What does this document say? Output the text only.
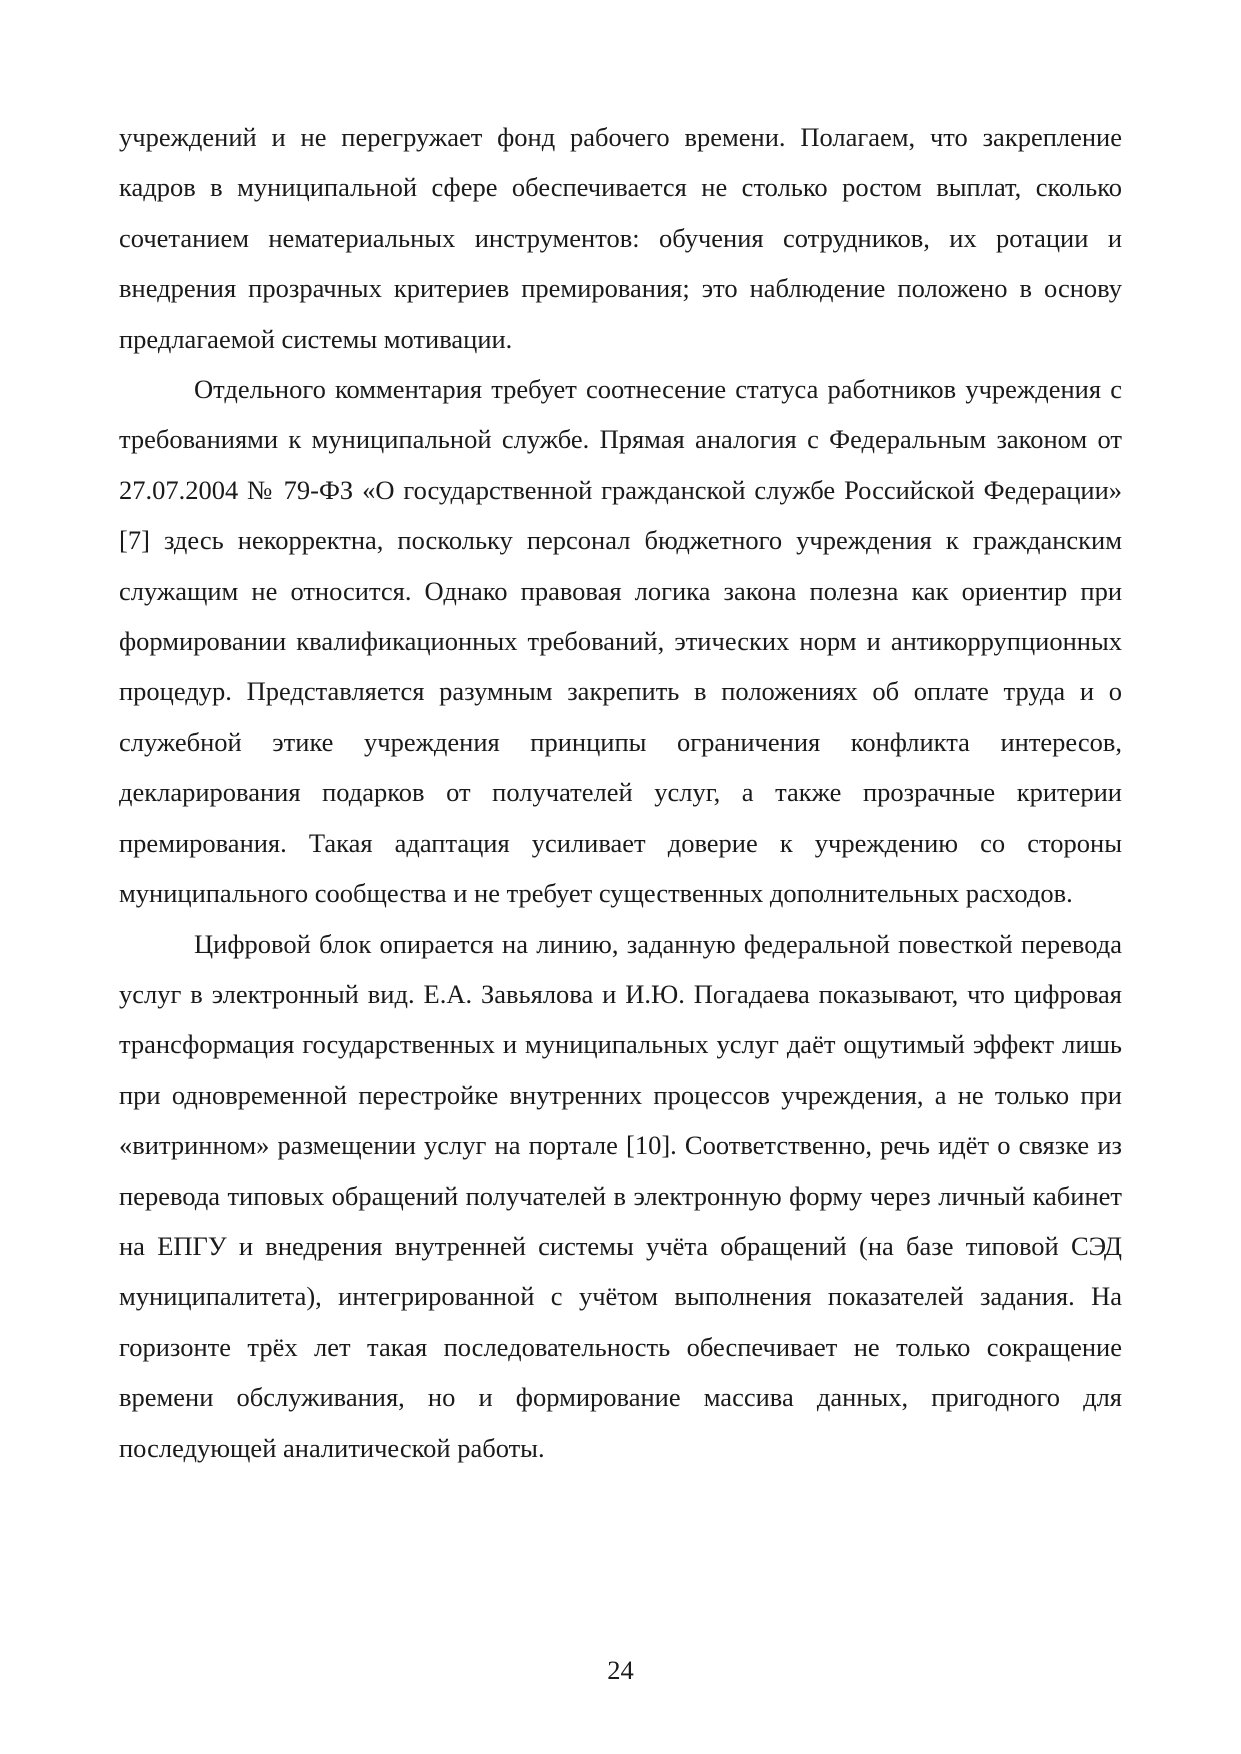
учреждений и не перегружает фонд рабочего времени. Полагаем, что закрепление кадров в муниципальной сфере обеспечивается не столько ростом выплат, сколько сочетанием нематериальных инструментов: обучения сотрудников, их ротации и внедрения прозрачных критериев премирования; это наблюдение положено в основу предлагаемой системы мотивации.

Отдельного комментария требует соотнесение статуса работников учреждения с требованиями к муниципальной службе. Прямая аналогия с Федеральным законом от 27.07.2004 № 79-ФЗ «О государственной гражданской службе Российской Федерации» [7] здесь некорректна, поскольку персонал бюджетного учреждения к гражданским служащим не относится. Однако правовая логика закона полезна как ориентир при формировании квалификационных требований, этических норм и антикоррупционных процедур. Представляется разумным закрепить в положениях об оплате труда и о служебной этике учреждения принципы ограничения конфликта интересов, декларирования подарков от получателей услуг, а также прозрачные критерии премирования. Такая адаптация усиливает доверие к учреждению со стороны муниципального сообщества и не требует существенных дополнительных расходов.

Цифровой блок опирается на линию, заданную федеральной повесткой перевода услуг в электронный вид. Е.А. Завьялова и И.Ю. Погадаева показывают, что цифровая трансформация государственных и муниципальных услуг даёт ощутимый эффект лишь при одновременной перестройке внутренних процессов учреждения, а не только при «витринном» размещении услуг на портале [10]. Соответственно, речь идёт о связке из перевода типовых обращений получателей в электронную форму через личный кабинет на ЕПГУ и внедрения внутренней системы учёта обращений (на базе типовой СЭД муниципалитета), интегрированной с учётом выполнения показателей задания. На горизонте трёх лет такая последовательность обеспечивает не только сокращение времени обслуживания, но и формирование массива данных, пригодного для последующей аналитической работы.

24
